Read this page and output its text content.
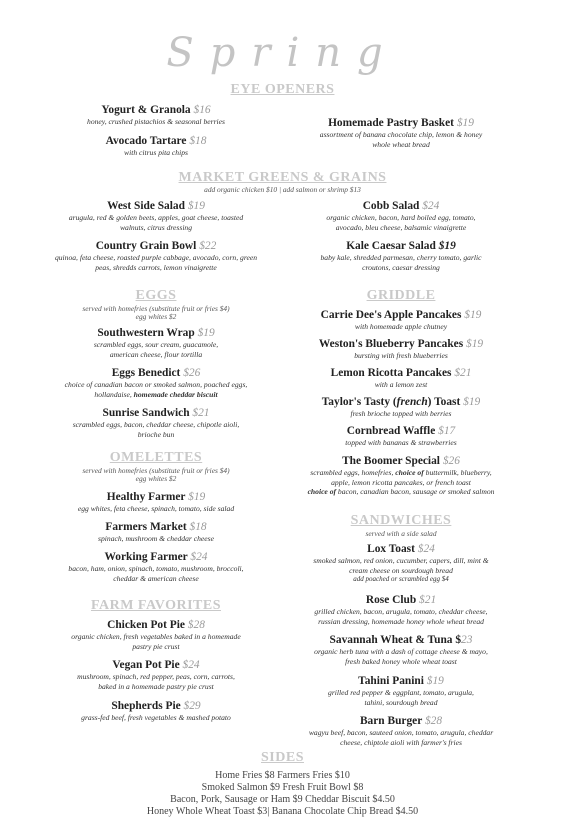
Spring
EYE OPENERS
Yogurt & Granola $16
honey, crushed pistachios & seasonal berries
Avocado Tartare $18
with citrus pita chips
Homemade Pastry Basket $19
assortment of banana chocolate chip, lemon & honey
whole wheat bread
MARKET GREENS & GRAINS
add organic chicken $10 | add salmon or shrimp $13
West Side Salad $19
arugula, red & golden beets, apples, goat cheese, toasted
walnuts, citrus dressing
Cobb Salad $24
organic chicken, bacon, hard boiled egg, tomato,
avocado, bleu cheese, balsamic vinaigrette
Country Grain Bowl $22
quinoa, feta cheese, roasted purple cabbage, avocado, corn, green
peas, shredds carrots, lemon vinaigrette
Kale Caesar Salad $19
baby kale, shredded parmesan, cherry tomato, garlic
croutons, caesar dressing
EGGS
served with homefries (substitute fruit or fries $4)
egg whites $2
Southwestern Wrap $19
scrambled eggs, sour cream, guacamole,
american cheese, flour tortilla
Eggs Benedict $26
choice of canadian bacon or smoked salmon, poached eggs,
hollandaise, homemade cheddar biscuit
Sunrise Sandwich $21
scrambled eggs, bacon, cheddar cheese, chipotle aioli,
brioche bun
OMELETTES
served with homefries (substitute fruit or fries $4)
egg whites $2
Healthy Farmer $19
egg whites, feta cheese, spinach, tomato, side salad
Farmers Market $18
spinach, mushroom & cheddar cheese
Working Farmer $24
bacon, ham, onion, spinach, tomato, mushroom, broccoli,
cheddar & american cheese
FARM FAVORITES
Chicken Pot Pie $28
organic chicken, fresh vegetables baked in a homemade
pastry pie crust
Vegan Pot Pie $24
mushroom, spinach, red pepper, peas, corn, carrots,
baked in a homemade pastry pie crust
Shepherds Pie $29
grass-fed beef, fresh vegetables & mashed potato
GRIDDLE
Carrie Dee's Apple Pancakes $19
with homemade apple chutney
Weston's Blueberry Pancakes $19
bursting with fresh blueberries
Lemon Ricotta Pancakes $21
with a lemon zest
Taylor's Tasty (french) Toast $19
fresh brioche topped with berries
Cornbread Waffle $17
topped with bananas & strawberries
The Boomer Special $26
scrambled eggs, homefries, choice of buttermilk, blueberry,
apple, lemon ricotta pancakes, or french toast
choice of bacon, canadian bacon, sausage or smoked salmon
SANDWICHES
served with a side salad
Lox Toast $24
smoked salmon, red onion, cucumber, capers, dill, mint &
cream cheese on sourdough bread
add poached or scrambled egg $4
Rose Club $21
grilled chicken, bacon, arugula, tomato, cheddar cheese,
russian dressing, homemade honey whole wheat bread
Savannah Wheat & Tuna $23
organic herb tuna with a dash of cottage cheese & mayo,
fresh baked honey whole wheat toast
Tahini Panini $19
grilled red pepper & eggplant, tomato, arugula,
tahini, sourdough bread
Barn Burger $28
wagyu beef, bacon, sauteed onion, tomato, arugula, cheddar
cheese, chiptole aioli with farmer's fries
SIDES
Home Fries $8 Farmers Fries $10
Smoked Salmon $9 Fresh Fruit Bowl $8
Bacon, Pork, Sausage or Ham $9 Cheddar Biscuit $4.50
Honey Whole Wheat Toast $3| Banana Chocolate Chip Bread $4.50
